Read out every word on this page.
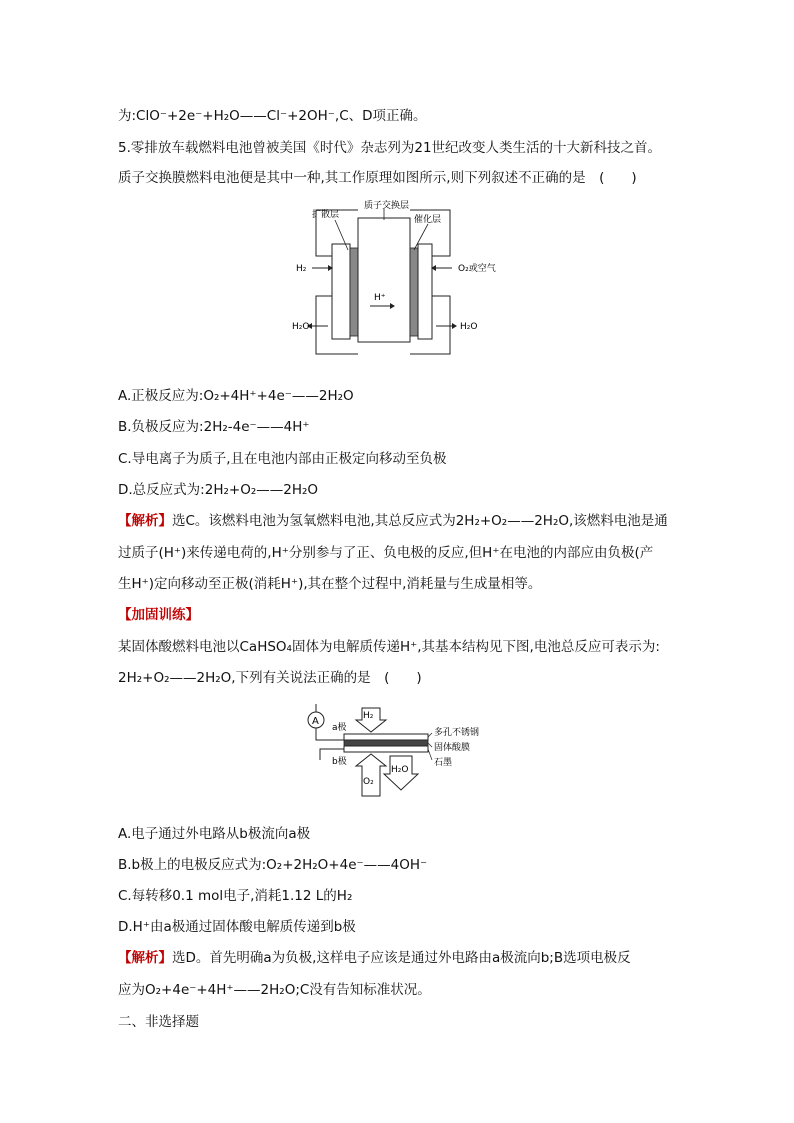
为:ClO⁻+2e⁻+H₂O——Cl⁻+2OH⁻,C、D项正确。
5.零排放车载燃料电池曾被美国《时代》杂志列为21世纪改变人类生活的十大新科技之首。
质子交换膜燃料电池便是其中一种,其工作原理如图所示,则下列叙述不正确的是　(　　)
扩散层
质子交换层
催化层
H₂	O₂或空气
H⁺
H₂O	H₂O
A.正极反应为:O₂+4H⁺+4e⁻——2H₂O
B.负极反应为:2H₂-4e⁻——4H⁺
C.导电离子为质子,且在电池内部由正极定向移动至负极
D.总反应式为:2H₂+O₂——2H₂O
【解析】选C。该燃料电池为氢氧燃料电池,其总反应式为2H₂+O₂——2H₂O,该燃料电池是通
过质子(H⁺)来传递电荷的,H⁺分别参与了正、负电极的反应,但H⁺在电池的内部应由负极(产
生H⁺)定向移动至正极(消耗H⁺),其在整个过程中,消耗量与生成量相等。
【加固训练】
某固体酸燃料电池以CaHSO₄固体为电解质传递H⁺,其基本结构见下图,电池总反应可表示为:
2H₂+O₂——2H₂O,下列有关说法正确的是　(　　)
A	H₂
O₂
H₂O
a极
b极
多孔不锈钢
固体酸膜
石墨
A.电子通过外电路从b极流向a极
B.b极上的电极反应式为:O₂+2H₂O+4e⁻——4OH⁻
C.每转移0.1 mol电子,消耗1.12 L的H₂
D.H⁺由a极通过固体酸电解质传递到b极
【解析】选D。首先明确a为负极,这样电子应该是通过外电路由a极流向b;B选项电极反
应为O₂+4e⁻+4H⁺——2H₂O;C没有告知标准状况。
二、非选择题
